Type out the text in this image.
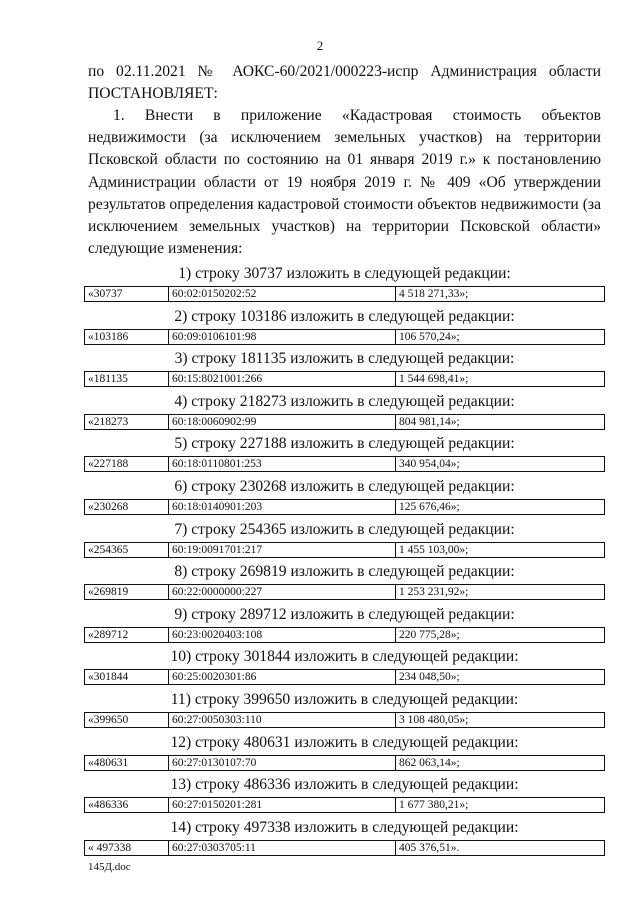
2
по 02.11.2021 № АОКС-60/2021/000223-испр Администрация области
ПОСТАНОВЛЯЕТ:
1. Внести в приложение «Кадастровая стоимость объектов недвижимости (за исключением земельных участков) на территории Псковской области по состоянию на 01 января 2019 г.» к постановлению Администрации области от 19 ноября 2019 г. № 409 «Об утверждении результатов определения кадастровой стоимости объектов недвижимости (за исключением земельных участков) на территории Псковской области» следующие изменения:
1) строку 30737 изложить в следующей редакции:
«30737	60:02:0150202:52	4 518 271,33»;	
2) строку 103186 изложить в следующей редакции:
«103186	60:09:0106101:98	106 570,24»;	
3) строку 181135 изложить в следующей редакции:
«181135	60:15:8021001:266	1 544 698,41»;	
4) строку 218273 изложить в следующей редакции:
«218273	60:18:0060902:99	804 981,14»;	
5) строку 227188 изложить в следующей редакции:
«227188	60:18:0110801:253	340 954,04»;	
6) строку 230268 изложить в следующей редакции:
«230268	60:18:0140901:203	125 676,46»;	
7) строку 254365 изложить в следующей редакции:
«254365	60:19:0091701:217	1 455 103,00»;	
8) строку 269819 изложить в следующей редакции:
«269819	60:22:0000000:227	1 253 231,92»;	
9) строку 289712 изложить в следующей редакции:
«289712	60:23:0020403:108	220 775,28»;	
10) строку 301844 изложить в следующей редакции:
«301844	60:25:0020301:86	234 048,50»;	
11) строку 399650 изложить в следующей редакции:
«399650	60:27:0050303:110	3 108 480,05»;	
12) строку 480631 изложить в следующей редакции:
«480631	60:27:0130107:70	862 063,14»;	
13) строку 486336 изложить в следующей редакции:
«486336	60:27:0150201:281	1 677 380,21»;	
14) строку 497338 изложить в следующей редакции:
« 497338	60:27:0303705:11	405 376,51».	
145Д.doc
